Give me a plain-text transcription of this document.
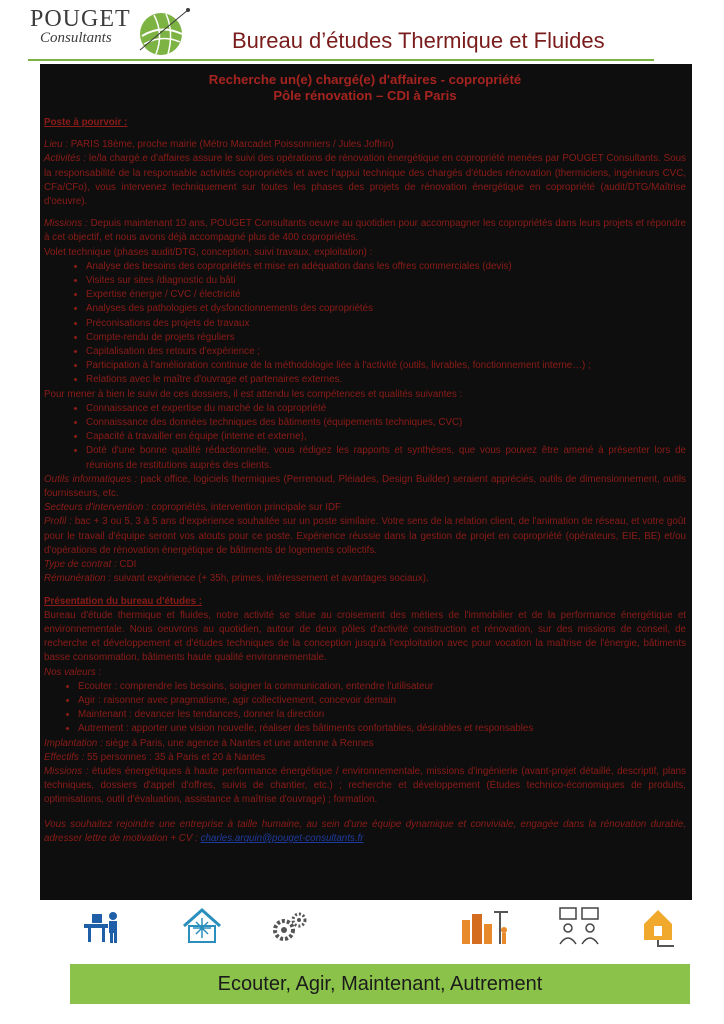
POUGET
Consultants	Bureau d’études Thermique et Fluides
Recherche un(e) chargé(e) d'affaires - copropriété
Pôle rénovation – CDI à Paris
Poste à pourvoir :

Lieu : PARIS 18ème, proche mairie (Métro Marcadet Poissonniers / Jules Joffrin)

Activités : le/la chargé.e d'affaires assure le suivi des opérations de rénovation énergétique en copropriété menées par POUGET Consultants. Sous la responsabilité de la responsable activités copropriétés et avec l'appui technique des chargés d'études rénovation (thermiciens, ingénieurs CVC, CFa/CFo), vous intervenez techniquement sur toutes les phases des projets de rénovation énergétique en copropriété (audit/DTG/Maîtrise d'oeuvre).

Missions : Depuis maintenant 10 ans, POUGET Consultants oeuvre au quotidien pour accompagner les copropriétés dans leurs projets et répondre à cet objectif, et nous avons déjà accompagné plus de 400 copropriétés.

Volet technique (phases audit/DTG, conception, suivi travaux, exploitation) :

• Analyse des besoins des copropriétés et mise en adéquation dans les offres commerciales (devis)
• Visites sur sites /diagnostic du bâti
• Expertise énergie / CVC / électricité
• Analyses des pathologies et dysfonctionnements des copropriétés
• Préconisations des projets de travaux
• Compte-rendu de projets réguliers
• Capitalisation des retours d'expérience ;
• Participation à l'amélioration continue de la méthodologie liée à l'activité (outils, livrables, fonctionnement interne…) ;
• Relations avec le maître d'ouvrage et partenaires externes.

Pour mener à bien le suivi de ces dossiers, il est attendu les compétences et qualités suivantes :

• Connaissance et expertise du marché de la copropriété
• Connaissance des données techniques des bâtiments (équipements techniques, CVC)
• Capacité à travailler en équipe (interne et externe),
• Doté d'une bonne qualité rédactionnelle, vous rédigez les rapports et synthèses, que vous pouvez être amené à présenter lors de réunions de restitutions auprès des clients.

Outils informatiques : pack office, logiciels thermiques (Perrenoud, Pléiades, Design Builder) seraient appréciés, outils de dimensionnement, outils fournisseurs, etc.

Secteurs d'intervention : copropriétés, intervention principale sur IDF

Profil : bac + 3 ou 5, 3 à 5 ans d'expérience souhaitée sur un poste similaire. Votre sens de la relation client, de l'animation de réseau, et votre goût pour le travail d'équipe seront vos atouts pour ce poste. Expérience réussie dans la gestion de projet en copropriété (opérateurs, EIE, BE) et/ou d'opérations de rénovation énergétique de bâtiments de logements collectifs.

Type de contrat : CDI

Rémunération : suivant expérience (+ 35h, primes, intéressement et avantages sociaux).

Présentation du bureau d'études :

Bureau d'étude thermique et fluides, notre activité se situe au croisement des métiers de l'immobilier et de la performance énergétique et environnementale. Nous oeuvrons au quotidien, autour de deux pôles d'activité construction et rénovation, sur des missions de conseil, de recherche et développement et d'études techniques de la conception jusqu'à l'exploitation avec pour vocation la maîtrise de l'énergie, bâtiments basse consommation, bâtiments haute qualité environnementale.

Nos valeurs :

• Ecouter : comprendre les besoins, soigner la communication, entendre l'utilisateur
• Agir : raisonner avec pragmatisme, agir collectivement, concevoir demain
• Maintenant : devancer les tendances, donner la direction
• Autrement : apporter une vision nouvelle, réaliser des bâtiments confortables, désirables et responsables

Implantation : siège à Paris, une agence à Nantes et une antenne à Rennes

Effectifs : 55 personnes : 35 à Paris et 20 à Nantes

Missions : études énergétiques à haute performance énergétique / environnementale, missions d'ingénierie (avant-projet détaillé, descriptif, plans techniques, dossiers d'appel d'offres, suivis de chantier, etc.) ; recherche et développement (Études technico-économiques de produits, optimisations, outil d'évaluation, assistance à maîtrise d'ouvrage) ; formation.

Vous souhaitez rejoindre une entreprise à taille humaine, au sein d'une équipe dynamique et conviviale, engagée dans la rénovation durable, adresser lettre de motivation + CV : charles.arquin@pouget-consultants.fr

Ecouter, Agir, Maintenant, Autrement
